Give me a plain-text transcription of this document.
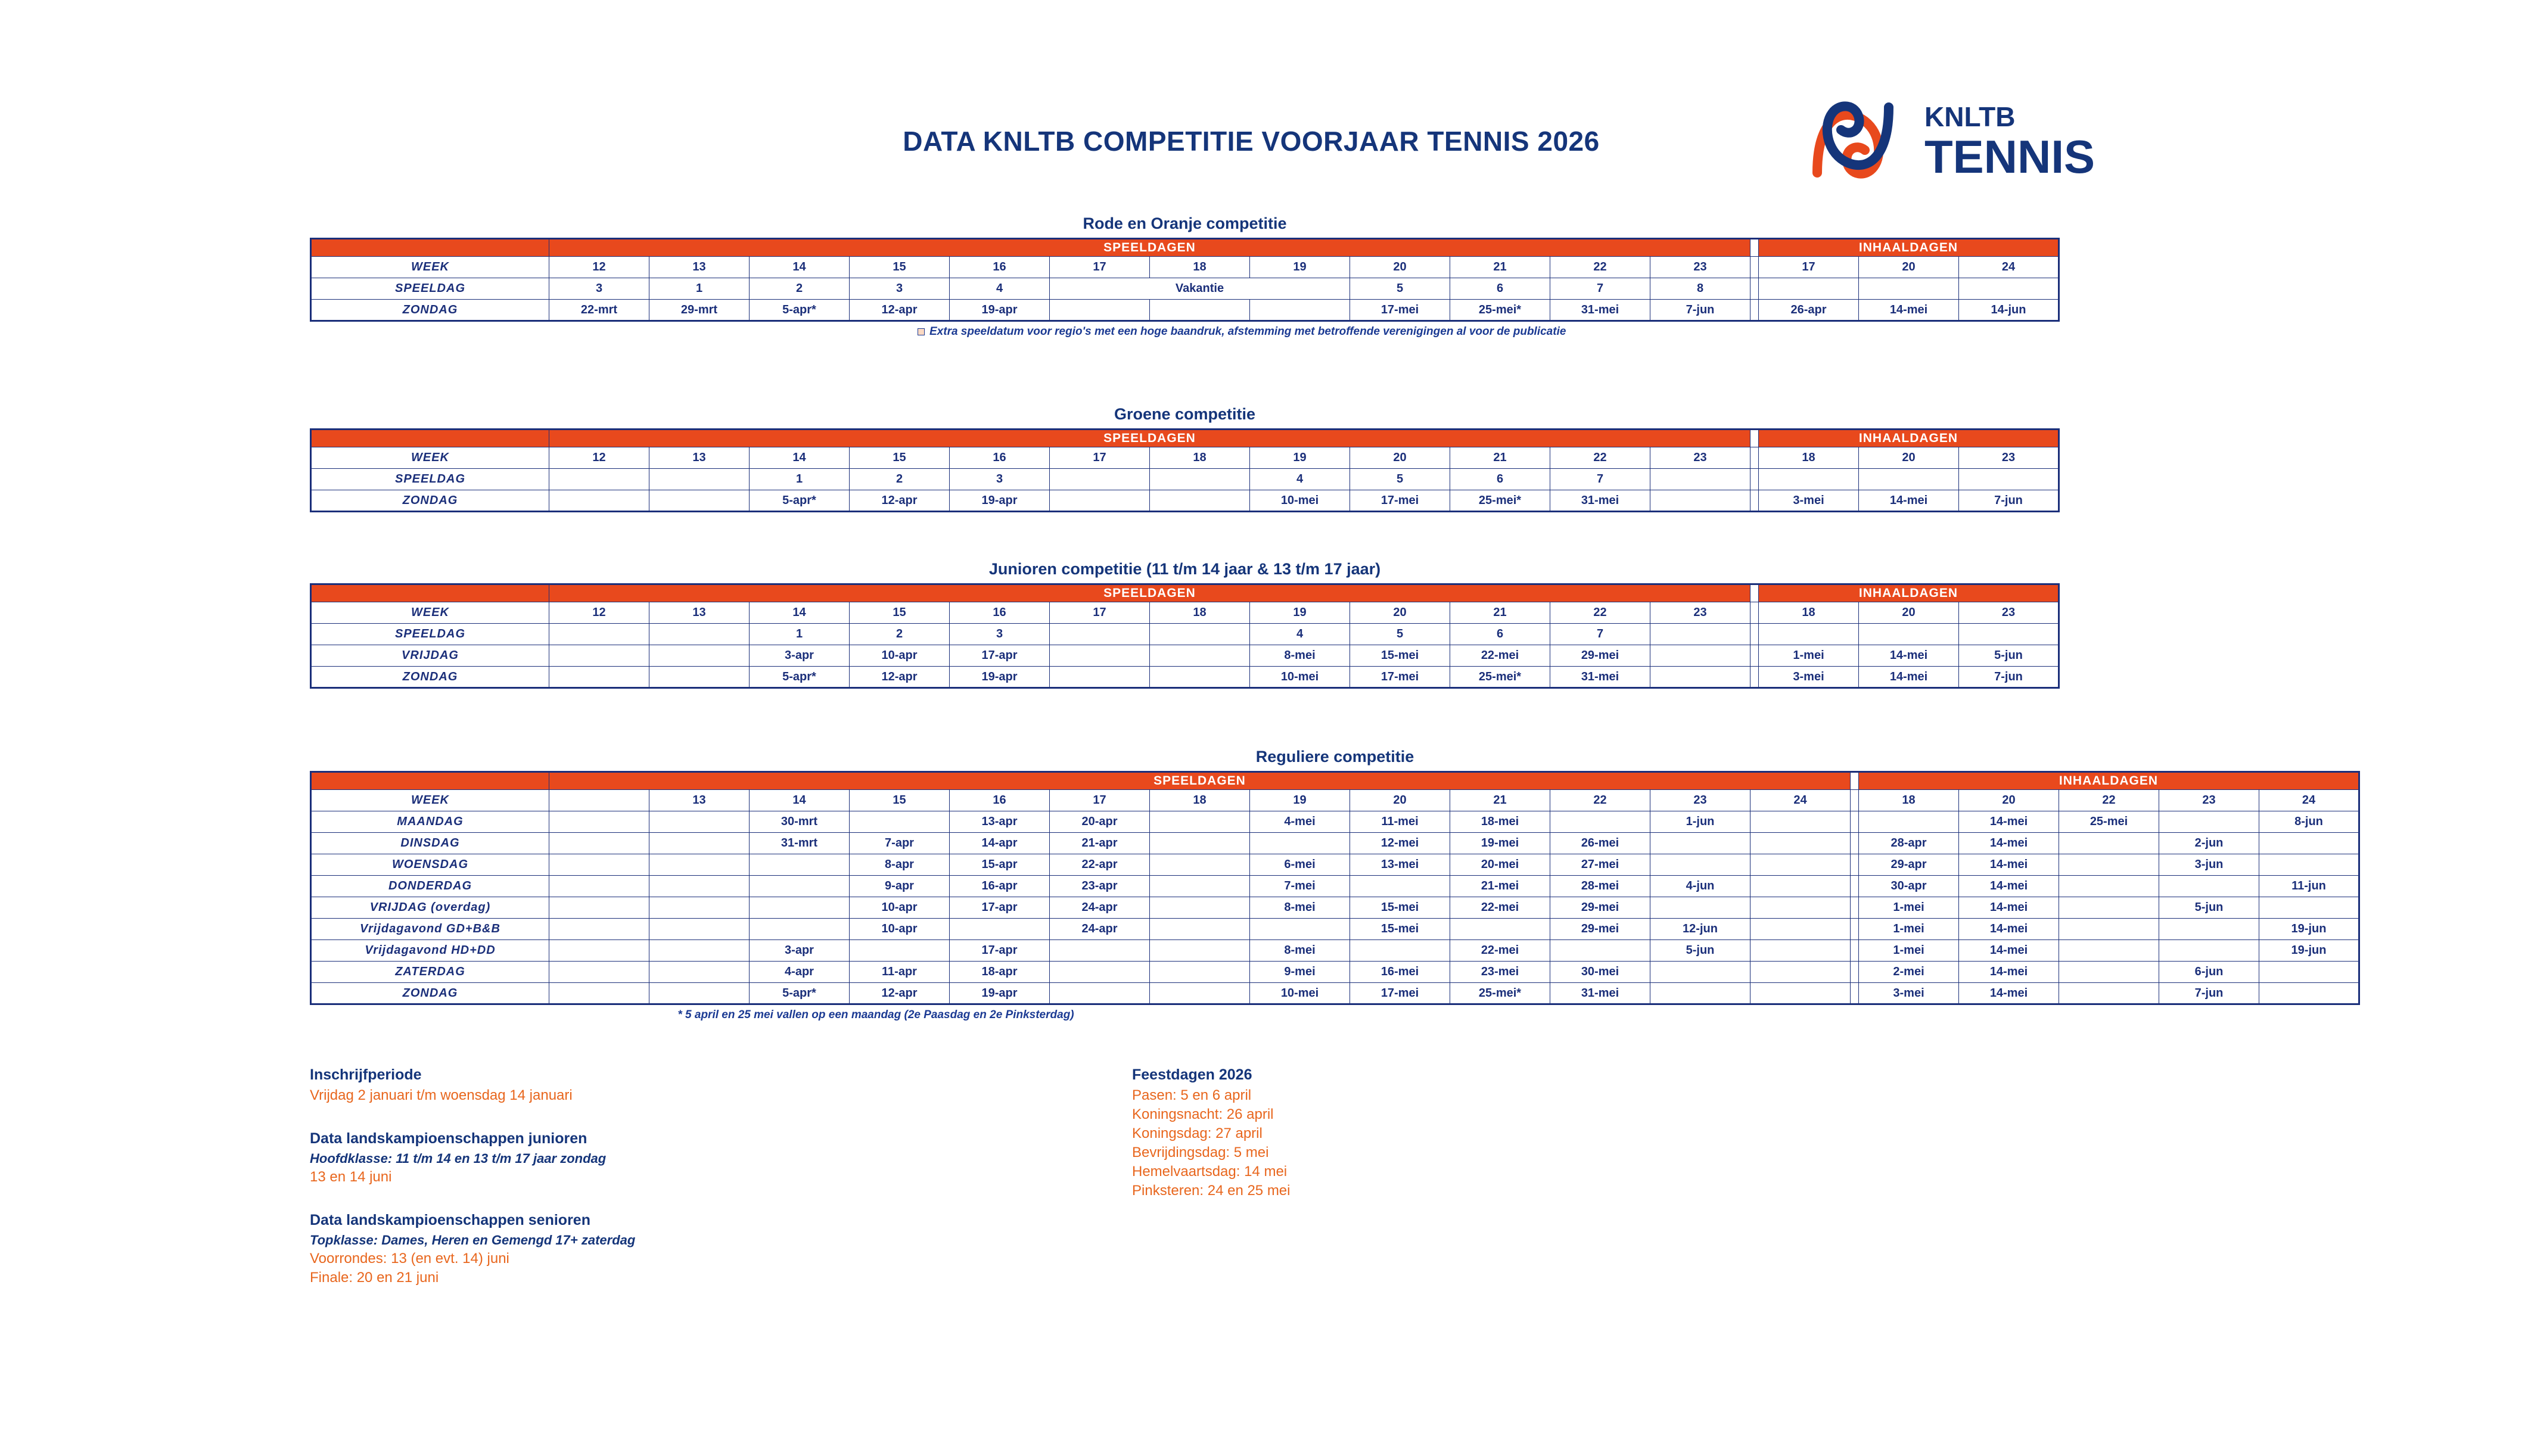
DATA KNLTB COMPETITIE VOORJAAR TENNIS 2026
KNLTB
TENNIS
Rode en Oranje competitie
	SPEELDAGEN													INHAALDAGEN		
WEEK	12	13	14	15	16	17	18	19	20	21	22	23		17	20	24
SPEELDAG	3	1	2	3	4	Vakantie			5	6	7	8				
ZONDAG	22-mrt	29-mrt	5-apr*	12-apr	19-apr				17-mei	25-mei*	31-mei	7-jun		26-apr	14-mei	14-jun
Extra speeldatum voor regio's met een hoge baandruk, afstemming met betroffende verenigingen al voor de publicatie
Groene competitie
	SPEELDAGEN													INHAALDAGEN		
WEEK	12	13	14	15	16	17	18	19	20	21	22	23		18	20	23
SPEELDAG			1	2	3			4	5	6	7					
ZONDAG			5-apr*	12-apr	19-apr			10-mei	17-mei	25-mei*	31-mei			3-mei	14-mei	7-jun
Junioren competitie (11 t/m 14 jaar & 13 t/m 17 jaar)
	SPEELDAGEN													INHAALDAGEN		
WEEK	12	13	14	15	16	17	18	19	20	21	22	23		18	20	23
SPEELDAG			1	2	3			4	5	6	7					
VRIJDAG			3-apr	10-apr	17-apr			8-mei	15-mei	22-mei	29-mei			1-mei	14-mei	5-jun
ZONDAG			5-apr*	12-apr	19-apr			10-mei	17-mei	25-mei*	31-mei			3-mei	14-mei	7-jun
Reguliere competitie
	SPEELDAGEN														INHAALDAGEN				
WEEK		13	14	15	16	17	18	19	20	21	22	23	24		18	20	22	23	24
MAANDAG			30-mrt		13-apr	20-apr		4-mei	11-mei	18-mei		1-jun				14-mei	25-mei		8-jun
DINSDAG			31-mrt	7-apr	14-apr	21-apr			12-mei	19-mei	26-mei				28-apr	14-mei		2-jun	
WOENSDAG				8-apr	15-apr	22-apr		6-mei	13-mei	20-mei	27-mei				29-apr	14-mei		3-jun	
DONDERDAG				9-apr	16-apr	23-apr		7-mei		21-mei	28-mei	4-jun			30-apr	14-mei			11-jun
VRIJDAG (overdag)				10-apr	17-apr	24-apr		8-mei	15-mei	22-mei	29-mei				1-mei	14-mei		5-jun	
Vrijdagavond GD+B&B				10-apr		24-apr			15-mei		29-mei	12-jun			1-mei	14-mei			19-jun
Vrijdagavond HD+DD			3-apr		17-apr			8-mei		22-mei		5-jun			1-mei	14-mei			19-jun
ZATERDAG			4-apr	11-apr	18-apr			9-mei	16-mei	23-mei	30-mei				2-mei	14-mei		6-jun	
ZONDAG			5-apr*	12-apr	19-apr			10-mei	17-mei	25-mei*	31-mei				3-mei	14-mei		7-jun	
* 5 april en 25 mei vallen op een maandag (2e Paasdag en 2e Pinksterdag)
Inschrijfperiode
Vrijdag 2 januari t/m woensdag 14 januari
Data landskampioenschappen junioren
Hoofdklasse: 11 t/m 14 en 13 t/m 17 jaar zondag
13 en 14 juni
Data landskampioenschappen senioren
Topklasse: Dames, Heren en Gemengd 17+ zaterdag
Voorrondes: 13 (en evt. 14) juni
Finale: 20 en 21 juni
Feestdagen 2026
Pasen: 5 en 6 april
Koningsnacht: 26 april
Koningsdag: 27 april
Bevrijdingsdag: 5 mei
Hemelvaartsdag: 14 mei
Pinksteren: 24 en 25 mei
